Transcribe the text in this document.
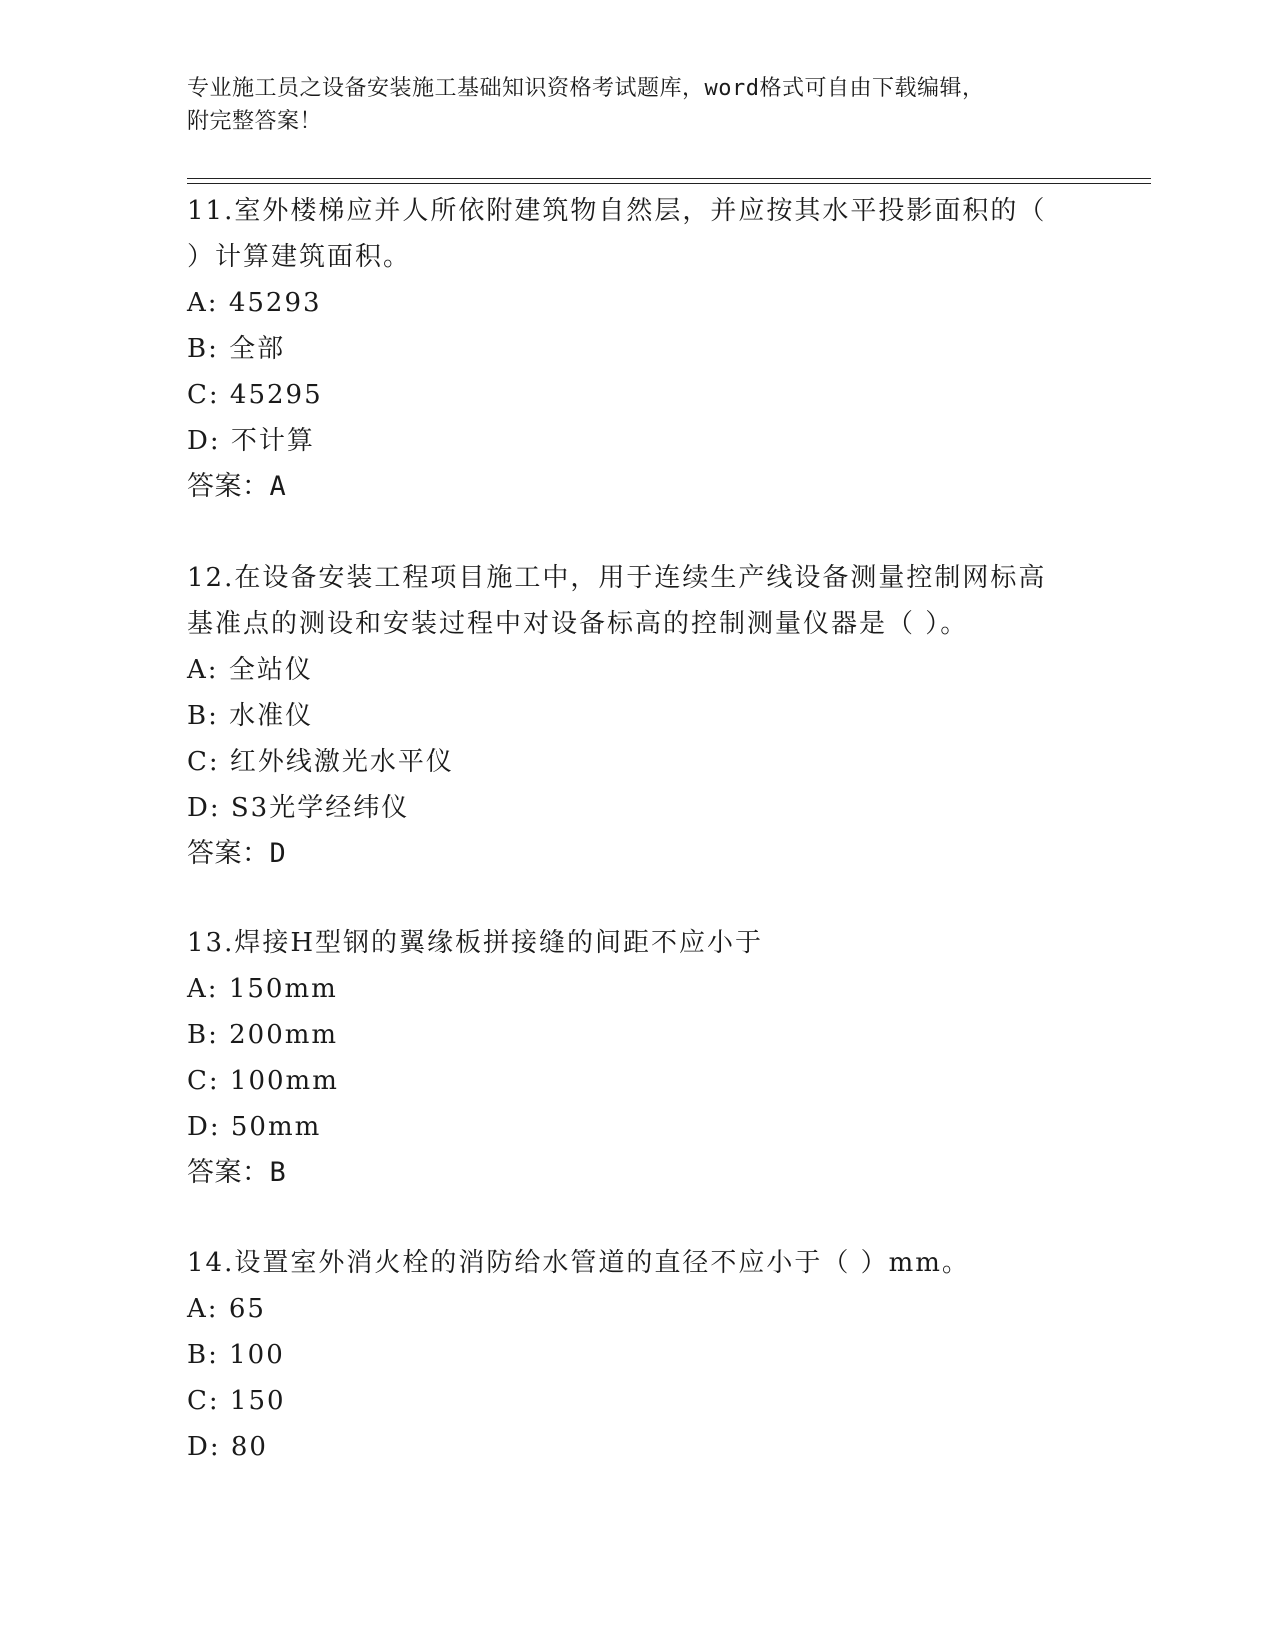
专业施工员之设备安装施工基础知识资格考试题库，word格式可自由下载编辑，
附完整答案！
11.室外楼梯应并人所依附建筑物自然层，并应按其水平投影面积的（
）计算建筑面积。
A: 45293
B: 全部
C: 45295
D: 不计算
答案：A
12.在设备安装工程项目施工中，用于连续生产线设备测量控制网标高
基准点的测设和安装过程中对设备标高的控制测量仪器是（ ）。
A: 全站仪
B: 水准仪
C: 红外线激光水平仪
D: S3光学经纬仪
答案：D
13.焊接H型钢的翼缘板拼接缝的间距不应小于
A: 150mm
B: 200mm
C: 100mm
D: 50mm
答案：B
14.设置室外消火栓的消防给水管道的直径不应小于（ ）mm。
A: 65
B: 100
C: 150
D: 80
